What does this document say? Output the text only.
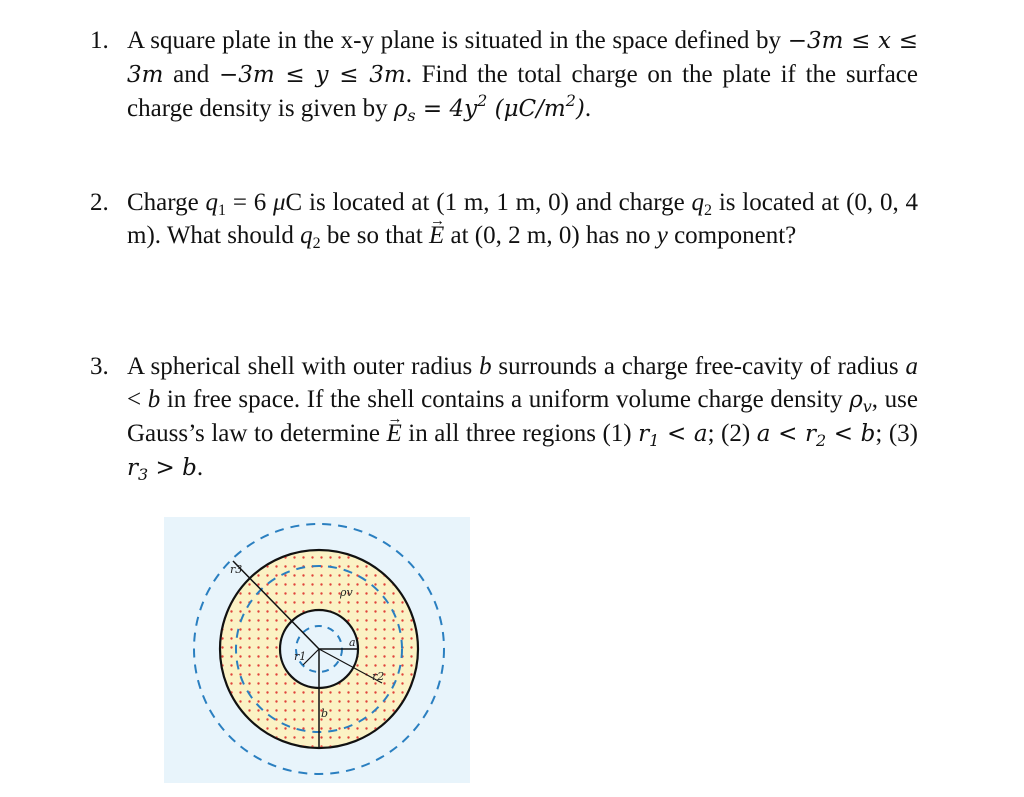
1. A square plate in the x-y plane is situated in the space defined by −3m ≤ x ≤ 3m and −3m ≤ y ≤ 3m. Find the total charge on the plate if the surface charge density is given by $\rho_s = 4y^2$ $(\mu C/m^2)$.
2. Charge $q_1 = 6$ μC is located at (1 m, 1 m, 0) and charge $q_2$ is located at (0, 0, 4 m). What should $q_2$ be so that → E at (0, 2 m, 0) has no y component?
3. A spherical shell with outer radius b surrounds a charge free-cavity of radius a < b in free space. If the shell contains a uniform volume charge density $\rho_v$, use Gauss’s law to determine → E in all three regions (1) $r_1 < a$; (2) $a < r_2 < b$; (3) $r_3 > b$.
r3
ρv
a
r1
r2
b
